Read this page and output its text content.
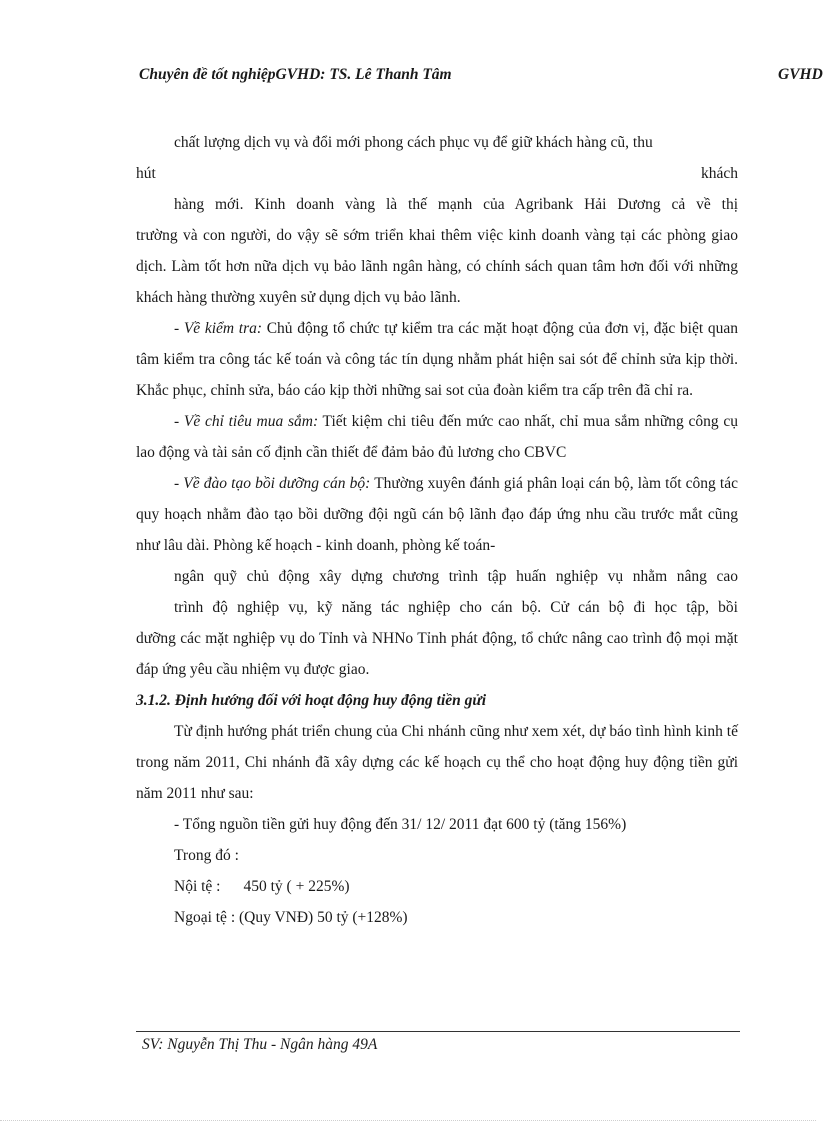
Chuyên đề tốt nghiệpGVHD: TS. Lê Thanh Tâm	GVHD

chất lượng dịch vụ và đổi mới phong cách phục vụ để giữ khách hàng cũ, thu

hút	khách

hàng mới. Kinh doanh vàng là thế mạnh của Agribank Hải Dương cả về thị

trường và con người, do vậy sẽ sớm triển khai thêm việc kinh doanh vàng tại các phòng giao dịch. Làm tốt hơn nữa dịch vụ bảo lãnh ngân hàng, có chính sách quan tâm hơn đối với những khách hàng thường xuyên sử dụng dịch vụ bảo lãnh.

- Về kiểm tra: Chủ động tổ chức tự kiểm tra các mặt hoạt động của đơn vị, đặc biệt quan tâm kiểm tra công tác kế toán và công tác tín dụng nhằm phát hiện sai sót để chỉnh sửa kịp thời. Khắc phục, chỉnh sửa, báo cáo kịp thời những sai sot của đoàn kiểm tra cấp trên đã chỉ ra.

- Về chỉ tiêu mua sắm: Tiết kiệm chi tiêu đến mức cao nhất, chỉ mua sắm những công cụ lao động và tài sản cố định cần thiết để đảm bảo đủ lương cho CBVC

- Về đào tạo bồi dưỡng cán bộ: Thường xuyên đánh giá phân loại cán bộ, làm tốt công tác quy hoạch nhằm đào tạo bồi dưỡng đội ngũ cán bộ lãnh đạo đáp ứng nhu cầu trước mắt cũng như lâu dài. Phòng kế hoạch - kinh doanh, phòng kế toán-

ngân quỹ chủ động xây dựng chương trình tập huấn nghiệp vụ nhằm nâng cao

trình độ nghiệp vụ, kỹ năng tác nghiệp cho cán bộ. Cử cán bộ đi học tập, bồi

dưỡng các mặt nghiệp vụ do Tỉnh và NHNo Tỉnh phát động, tổ chức nâng cao trình độ mọi mặt đáp ứng yêu cầu nhiệm vụ được giao.

3.1.2. Định hướng đối với hoạt động huy động tiền gửi

Từ định hướng phát triển chung của Chi nhánh cũng như xem xét, dự báo tình hình kinh tế trong năm 2011, Chi nhánh đã xây dựng các kế hoạch cụ thể cho hoạt động huy động tiền gửi năm 2011 như sau:

- Tổng nguồn tiền gửi huy động đến 31/ 12/ 2011 đạt 600 tỷ (tăng 156%)

Trong đó :

Nội tệ : 450 tỷ ( + 225%)

Ngoại tệ : (Quy VNĐ) 50 tỷ (+128%)

SV: Nguyễn Thị Thu - Ngân hàng 49A
